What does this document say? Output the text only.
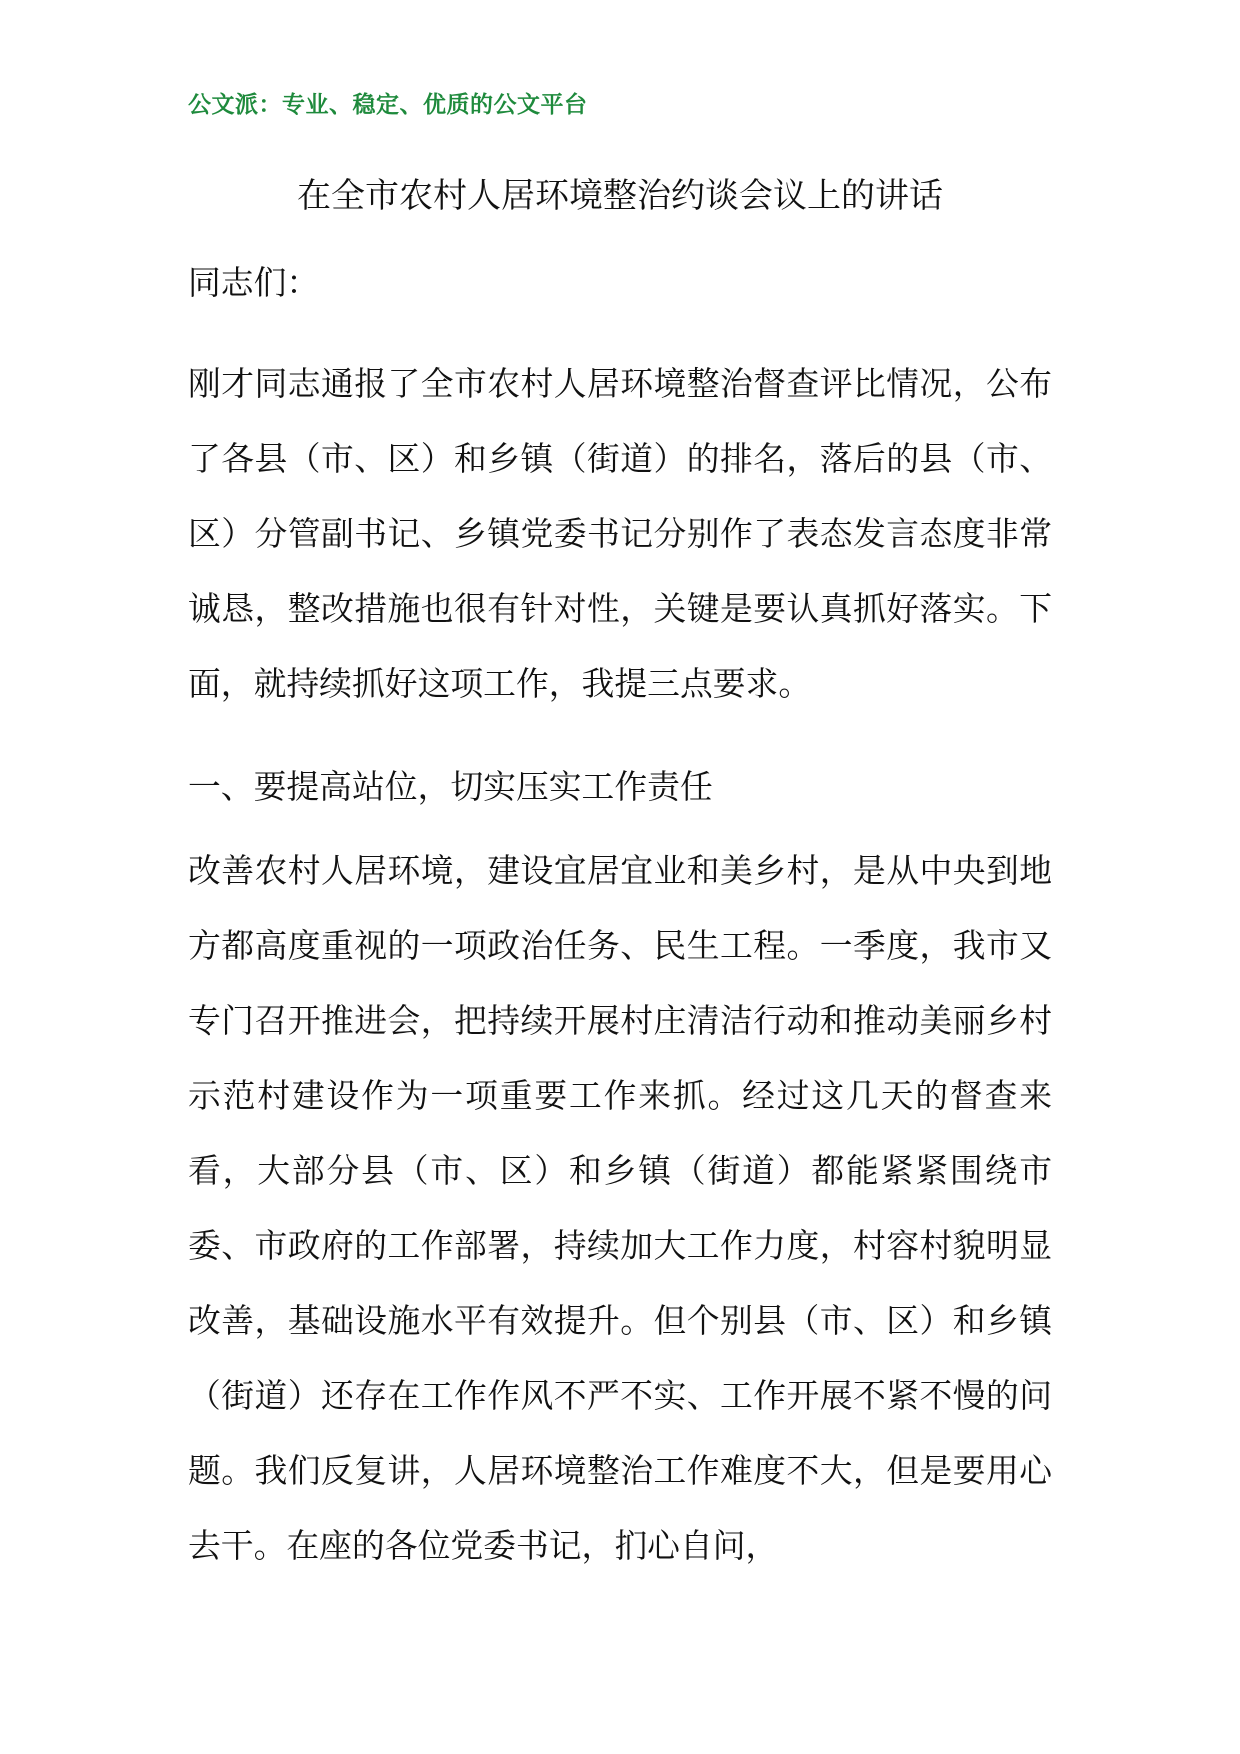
公文派：专业、稳定、优质的公文平台
在全市农村人居环境整治约谈会议上的讲话
同志们：
刚才同志通报了全市农村人居环境整治督查评比情况，公布了各县（市、区）和乡镇（街道）的排名，落后的县（市、区）分管副书记、乡镇党委书记分别作了表态发言态度非常诚恳，整改措施也很有针对性，关键是要认真抓好落实。下面，就持续抓好这项工作，我提三点要求。
一、要提高站位，切实压实工作责任
改善农村人居环境，建设宜居宜业和美乡村，是从中央到地方都高度重视的一项政治任务、民生工程。一季度，我市又专门召开推进会，把持续开展村庄清洁行动和推动美丽乡村示范村建设作为一项重要工作来抓。经过这几天的督查来看，大部分县（市、区）和乡镇（街道）都能紧紧围绕市委、市政府的工作部署，持续加大工作力度，村容村貌明显改善，基础设施水平有效提升。但个别县（市、区）和乡镇（街道）还存在工作作风不严不实、工作开展不紧不慢的问题。我们反复讲，人居环境整治工作难度不大，但是要用心去干。在座的各位党委书记，扪心自问，
